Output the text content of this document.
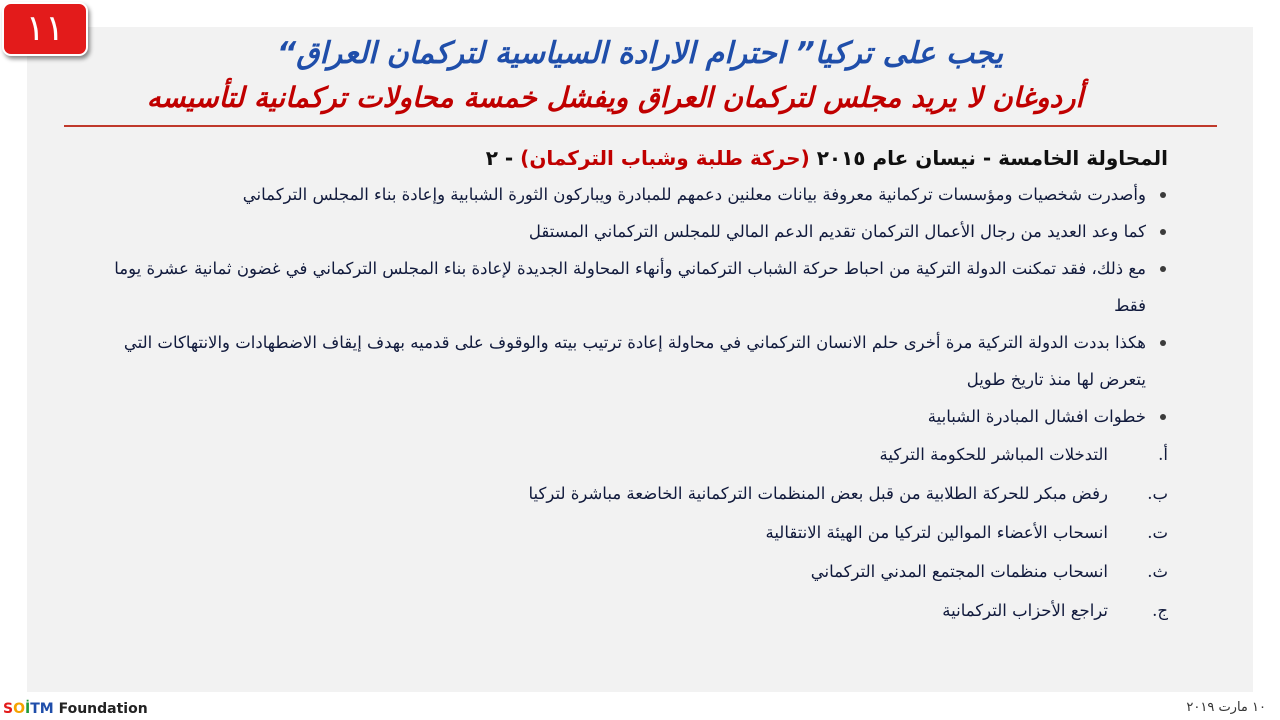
١١
يجب على تركيا” احترام الارادة السياسية لتركمان العراق“
أردوغان لا يريد مجلس لتركمان العراق ويفشل خمسة محاولات تركمانية لتأسيسه
المحاولة الخامسة - نيسان عام ٢٠١٥ (حركة طلبة وشباب التركمان) - ٢
وأصدرت شخصيات ومؤسسات تركمانية معروفة بيانات معلنين دعمهم للمبادرة ويباركون الثورة الشبابية وإعادة بناء المجلس التركماني
كما وعد العديد من رجال الأعمال التركمان تقديم الدعم المالي للمجلس التركماني المستقل
مع ذلك، فقد تمكنت الدولة التركية من احباط حركة الشباب التركماني وأنهاء المحاولة الجديدة لإعادة بناء المجلس التركماني في غضون ثمانية عشرة يوما فقط
هكذا بددت الدولة التركية مرة أخرى حلم الانسان التركماني في محاولة إعادة ترتيب بيته والوقوف على قدميه بهدف إيقاف الاضطهادات والانتهاكات التي يتعرض لها منذ تاريخ طويل
خطوات افشال المبادرة الشبابية
أ.
التدخلات المباشر للحكومة التركية
ب.
رفض مبكر للحركة الطلابية من قبل بعض المنظمات التركمانية الخاضعة مباشرة لتركيا
ت.
انسحاب الأعضاء الموالين لتركيا من الهيئة الانتقالية
ث.
انسحاب منظمات المجتمع المدني التركماني
ج.
تراجع الأحزاب التركمانية
SOİTM Foundation	١٠ مارت ٢٠١٩
